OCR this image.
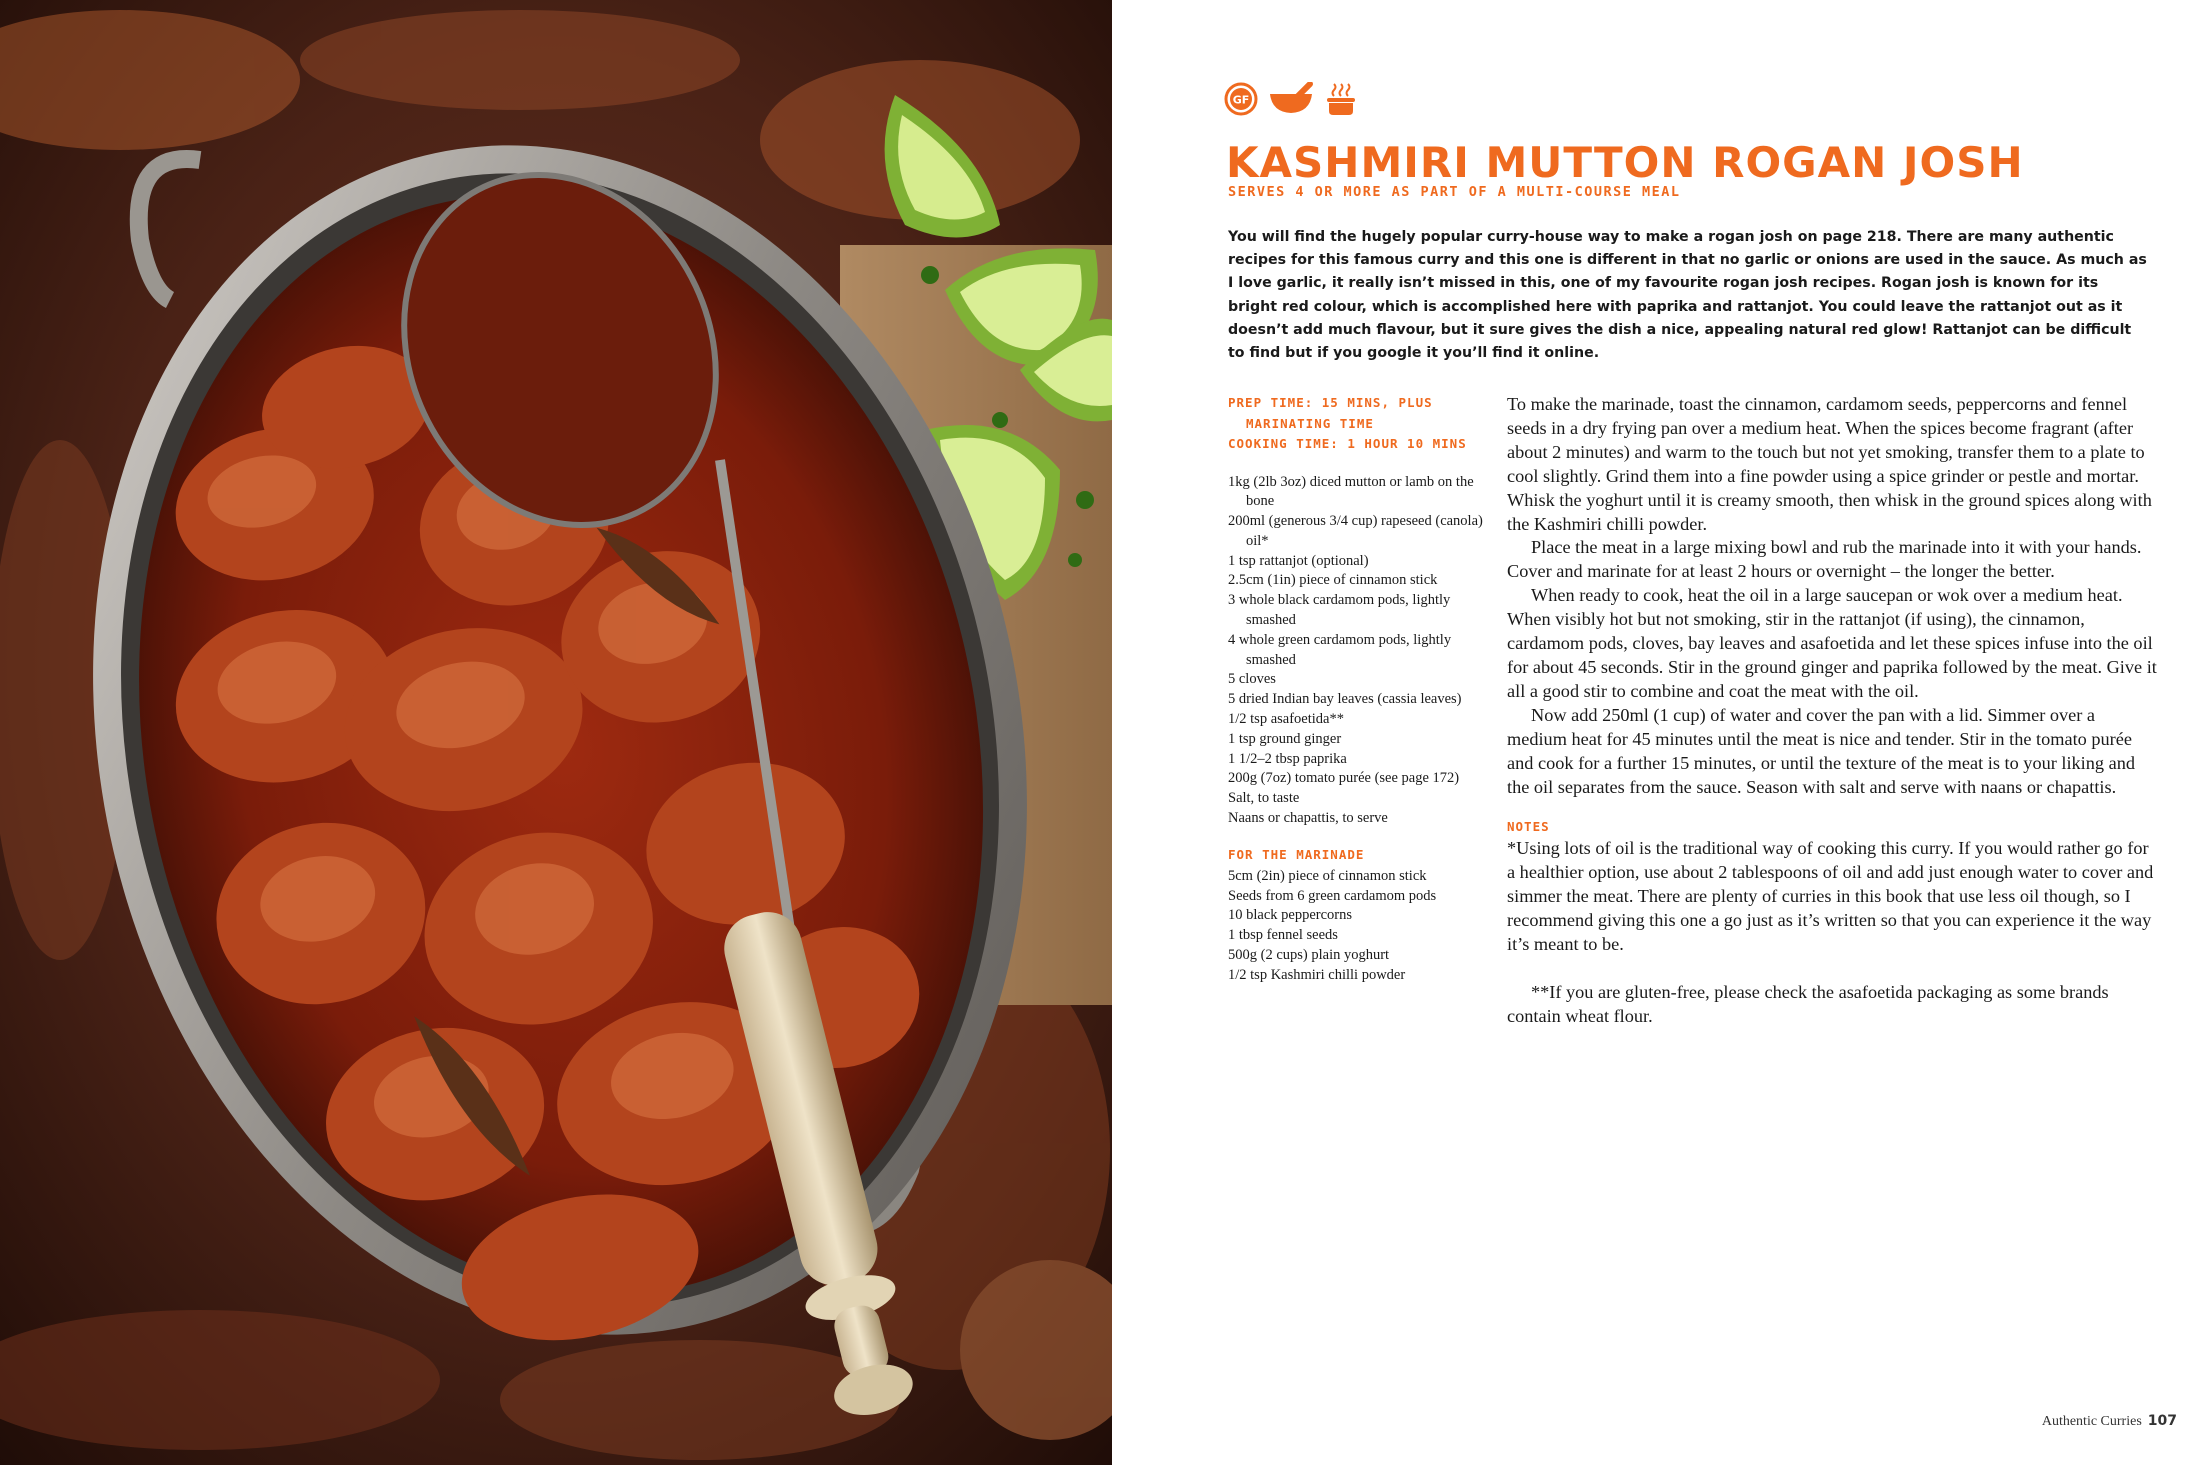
GF
KASHMIRI MUTTON ROGAN JOSH
SERVES 4 OR MORE AS PART OF A MULTI-COURSE MEAL

You will find the hugely popular curry-house way to make a rogan josh on page 218. There are many authentic recipes for this famous curry and this one is different in that no garlic or onions are used in the sauce. As much as I love garlic, it really isn’t missed in this, one of my favourite rogan josh recipes. Rogan josh is known for its bright red colour, which is accomplished here with paprika and rattanjot. You could leave the rattanjot out as it doesn’t add much flavour, but it sure gives the dish a nice, appealing natural red glow! Rattanjot can be difficult to find but if you google it you’ll find it online.

PREP TIME: 15 MINS, PLUS MARINATING TIME
COOKING TIME: 1 HOUR 10 MINS
1kg (2lb 3oz) diced mutton or lamb on the bone
200ml (generous 3/4 cup) rapeseed (canola) oil*
1 tsp rattanjot (optional)
2.5cm (1in) piece of cinnamon stick
3 whole black cardamom pods, lightly smashed
4 whole green cardamom pods, lightly smashed
5 cloves
5 dried Indian bay leaves (cassia leaves)
1/2 tsp asafoetida**
1 tsp ground ginger
1 1/2–2 tbsp paprika
200g (7oz) tomato purée (see page 172)
Salt, to taste
Naans or chapattis, to serve
FOR THE MARINADE
5cm (2in) piece of cinnamon stick
Seeds from 6 green cardamom pods
10 black peppercorns
1 tbsp fennel seeds
500g (2 cups) plain yoghurt
1/2 tsp Kashmiri chilli powder

To make the marinade, toast the cinnamon, cardamom seeds, peppercorns and fennel seeds in a dry frying pan over a medium heat. When the spices become fragrant (after about 2 minutes) and warm to the touch but not yet smoking, transfer them to a plate to cool slightly. Grind them into a fine powder using a spice grinder or pestle and mortar. Whisk the yoghurt until it is creamy smooth, then whisk in the ground spices along with the Kashmiri chilli powder.

Place the meat in a large mixing bowl and rub the marinade into it with your hands. Cover and marinate for at least 2 hours or overnight – the longer the better.

When ready to cook, heat the oil in a large saucepan or wok over a medium heat. When visibly hot but not smoking, stir in the rattanjot (if using), the cinnamon, cardamom pods, cloves, bay leaves and asafoetida and let these spices infuse into the oil for about 45 seconds. Stir in the ground ginger and paprika followed by the meat. Give it all a good stir to combine and coat the meat with the oil.

Now add 250ml (1 cup) of water and cover the pan with a lid. Simmer over a medium heat for 45 minutes until the meat is nice and tender. Stir in the tomato purée and cook for a further 15 minutes, or until the texture of the meat is to your liking and the oil separates from the sauce. Season with salt and serve with naans or chapattis.

NOTES

*Using lots of oil is the traditional way of cooking this curry. If you would rather go for a healthier option, use about 2 tablespoons of oil and add just enough water to cover and simmer the meat. There are plenty of curries in this book that use less oil though, so I recommend giving this one a go just as it’s written so that you can experience it the way it’s meant to be.

**If you are gluten-free, please check the asafoetida packaging as some brands contain wheat flour.

Authentic Curries 107
